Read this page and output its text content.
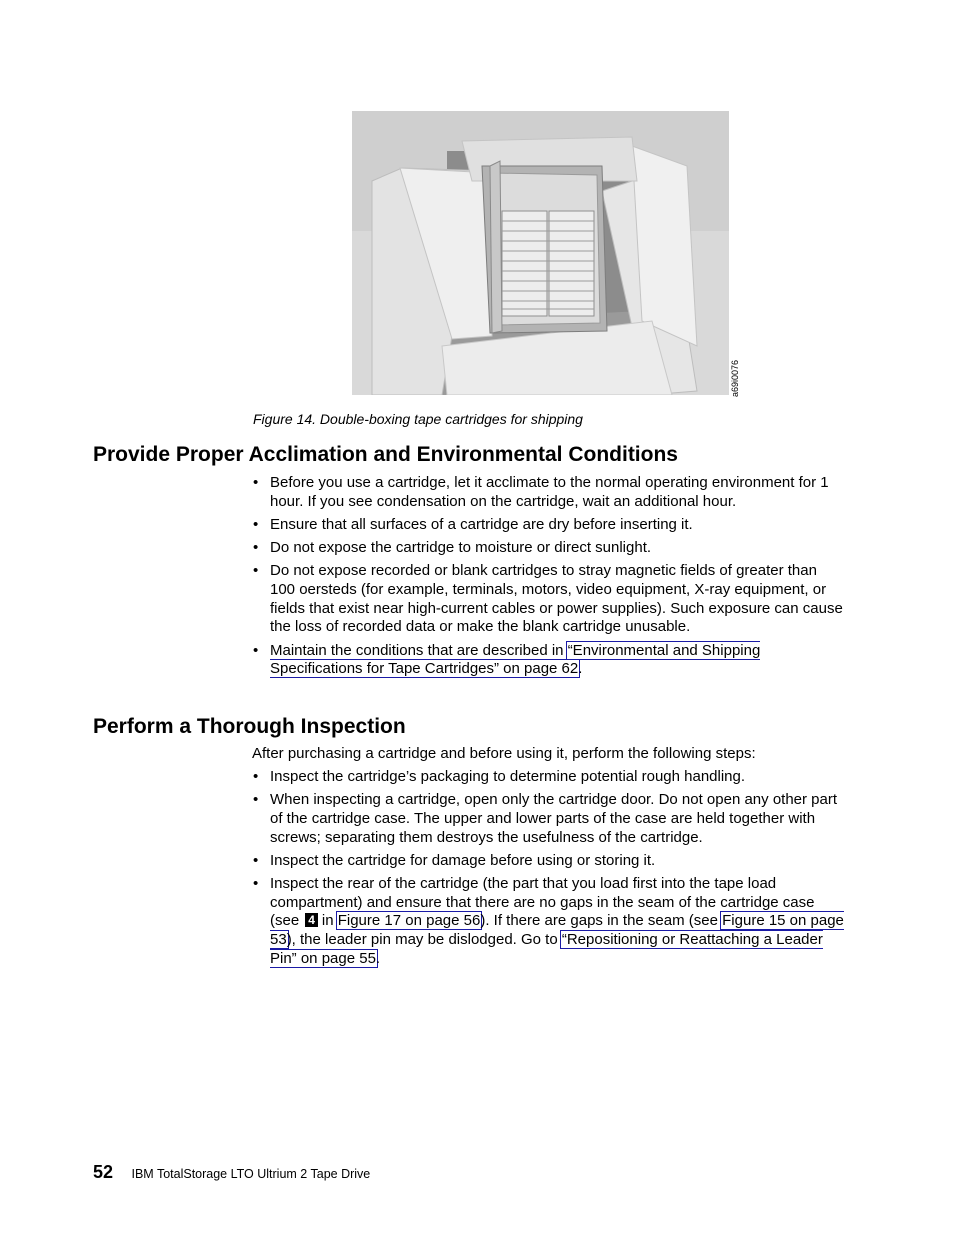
a69i0076
Figure 14. Double-boxing tape cartridges for shipping
Provide Proper Acclimation and Environmental Conditions
• Before you use a cartridge, let it acclimate to the normal operating environment for 1 hour. If you see condensation on the cartridge, wait an additional hour.
• Ensure that all surfaces of a cartridge are dry before inserting it.
• Do not expose the cartridge to moisture or direct sunlight.
• Do not expose recorded or blank cartridges to stray magnetic fields of greater than 100 oersteds (for example, terminals, motors, video equipment, X-ray equipment, or fields that exist near high-current cables or power supplies). Such exposure can cause the loss of recorded data or make the blank cartridge unusable.
• Maintain the conditions that are described in “Environmental and Shipping Specifications for Tape Cartridges” on page 62.
Perform a Thorough Inspection

After purchasing a cartridge and before using it, perform the following steps:

• Inspect the cartridge’s packaging to determine potential rough handling.
• When inspecting a cartridge, open only the cartridge door. Do not open any other part of the cartridge case. The upper and lower parts of the case are held together with screws; separating them destroys the usefulness of the cartridge.
• Inspect the cartridge for damage before using or storing it.
• Inspect the rear of the cartridge (the part that you load first into the tape load compartment) and ensure that there are no gaps in the seam of the cartridge case (see 4 in Figure 17 on page 56). If there are gaps in the seam (see Figure 15 on page 53), the leader pin may be dislodged. Go to “Repositioning or Reattaching a Leader Pin” on page 55.
52 IBM TotalStorage LTO Ultrium 2 Tape Drive
